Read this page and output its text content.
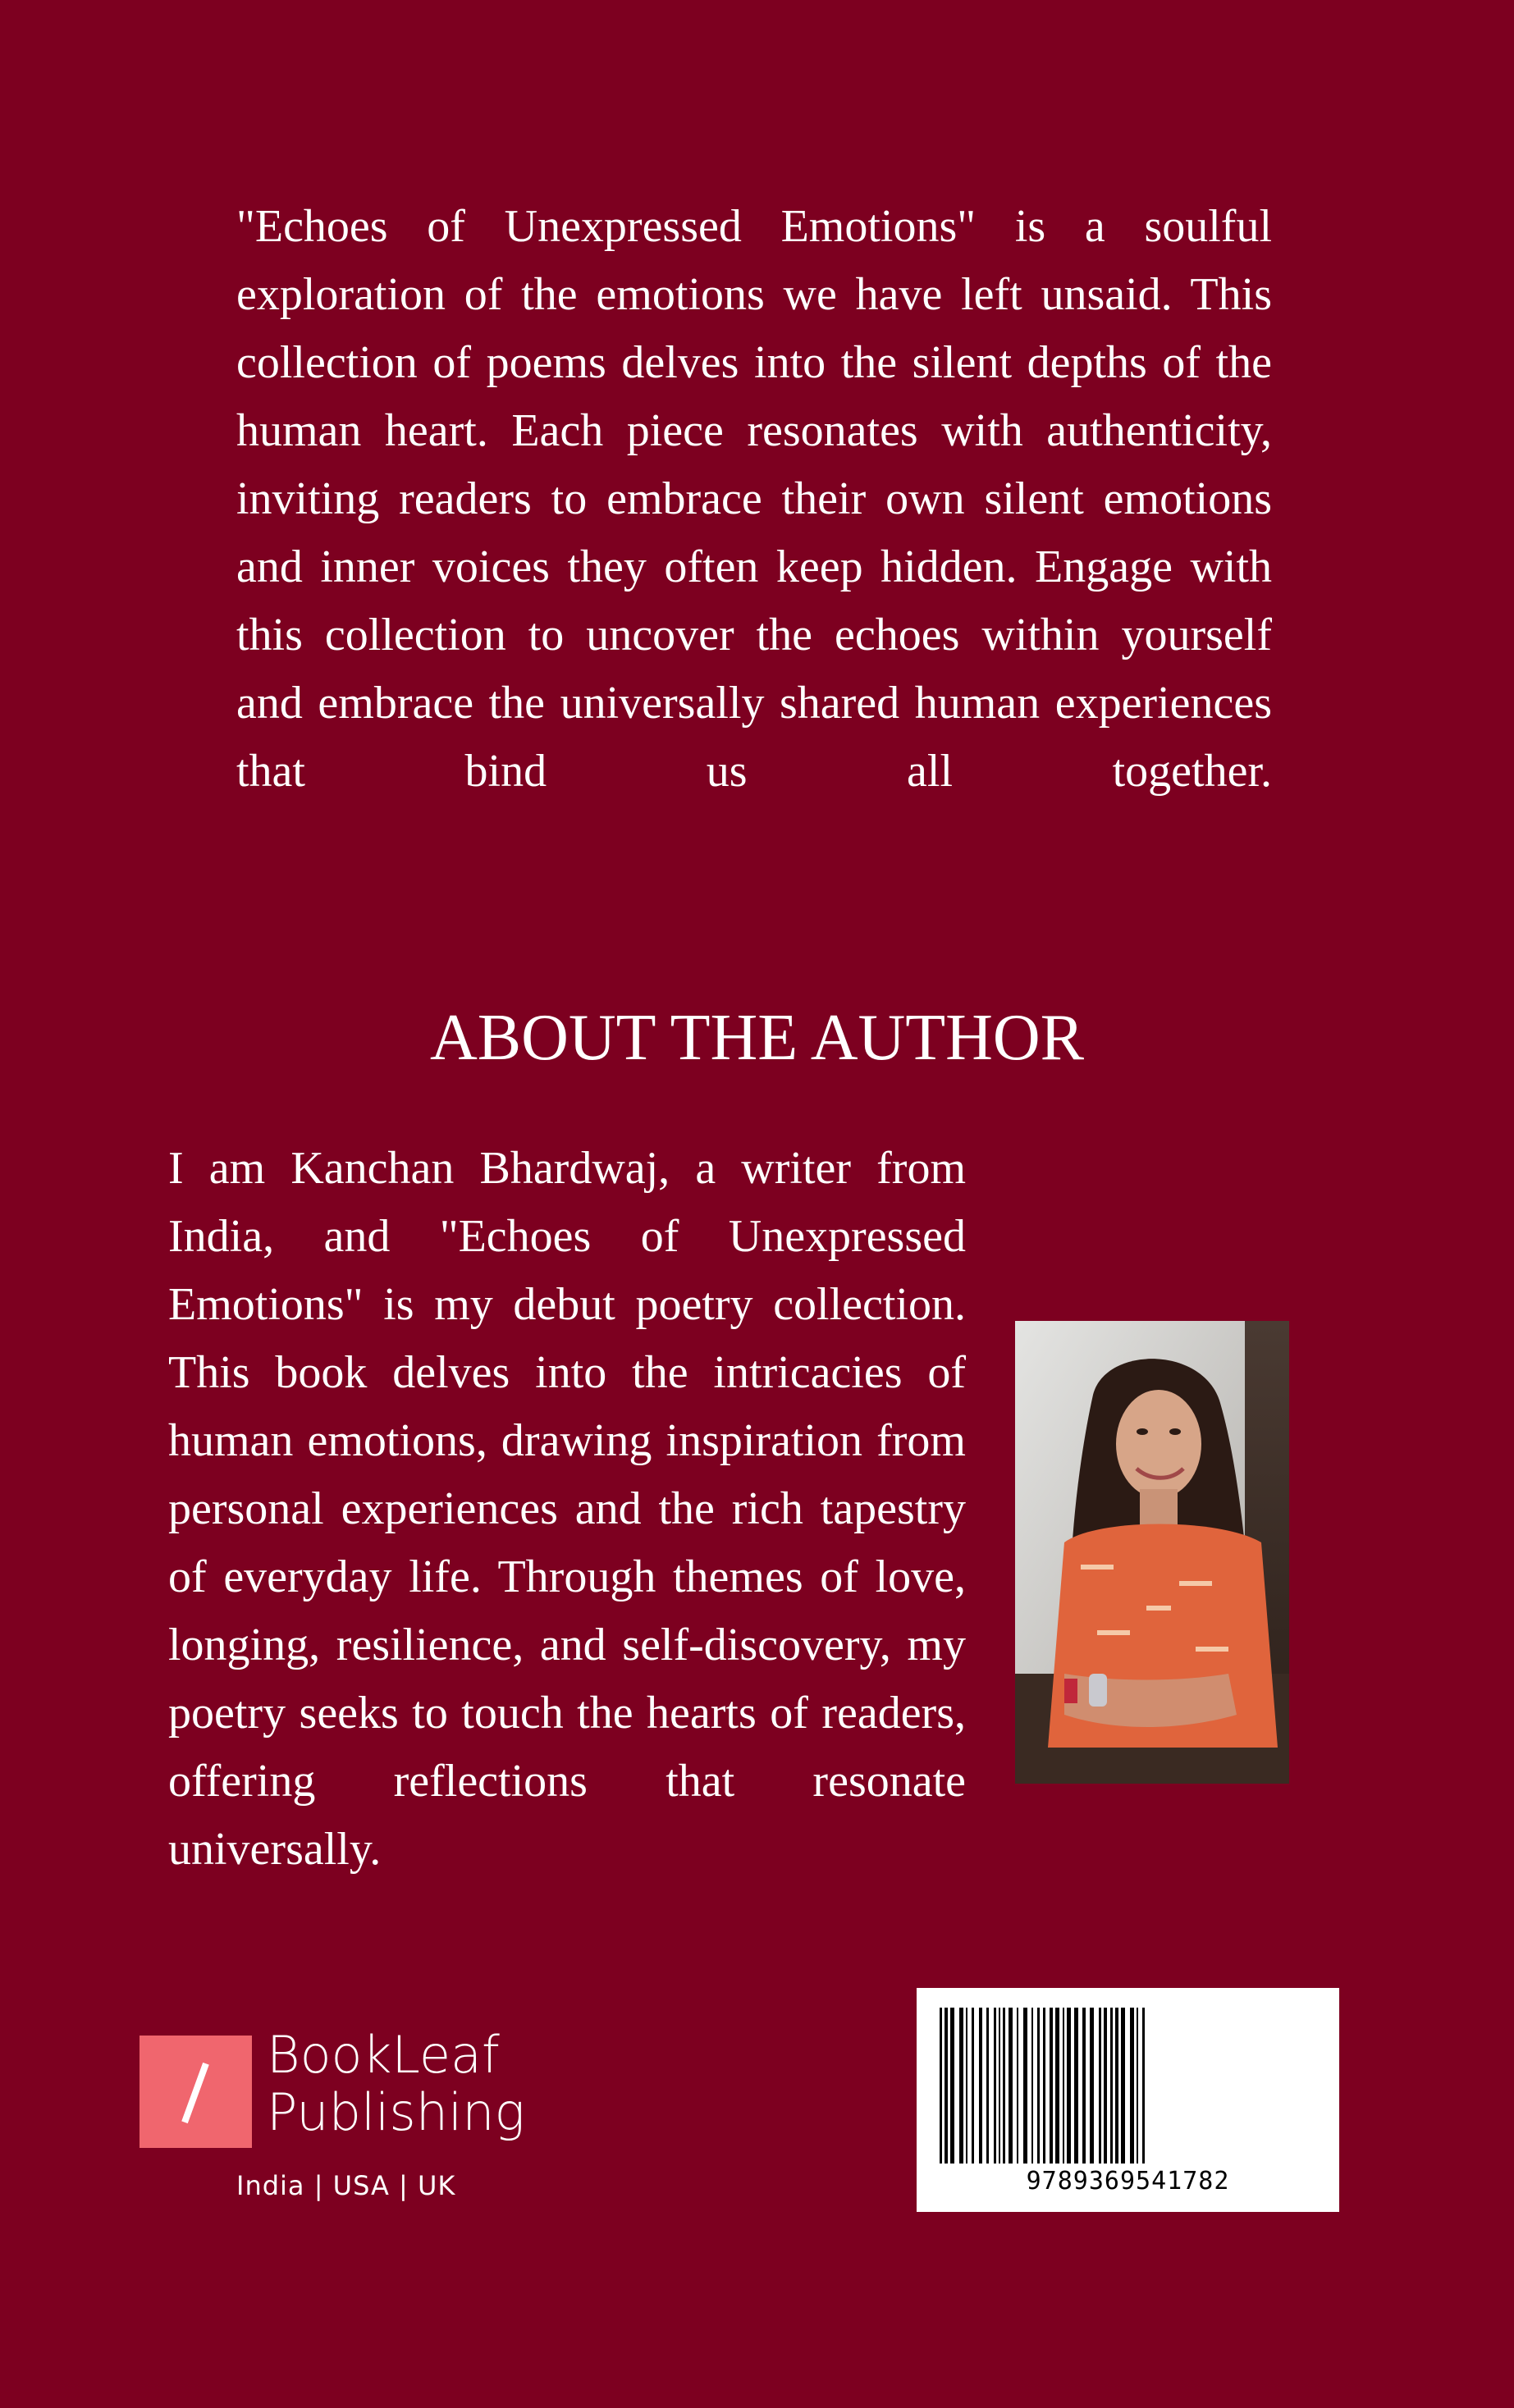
"Echoes of Unexpressed Emotions" is a soulful exploration of the emotions we have left unsaid. This collection of poems delves into the silent depths of the human heart. Each piece resonates with authenticity, inviting readers to embrace their own silent emotions and inner voices they often keep hidden. Engage with this collection to uncover the echoes within yourself and embrace the universally shared human experiences that bind us all together.

ABOUT THE AUTHOR

I am Kanchan Bhardwaj, a writer from India, and "Echoes of Unexpressed Emotions" is my debut poetry collection. This book delves into the intricacies of human emotions, drawing inspiration from personal experiences and the rich tapestry of everyday life. Through themes of love, longing, resilience, and self-discovery, my poetry seeks to touch the hearts of readers, offering reflections that resonate universally.

BookLeaf
Publishing
India | USA | UK	9789369541782
